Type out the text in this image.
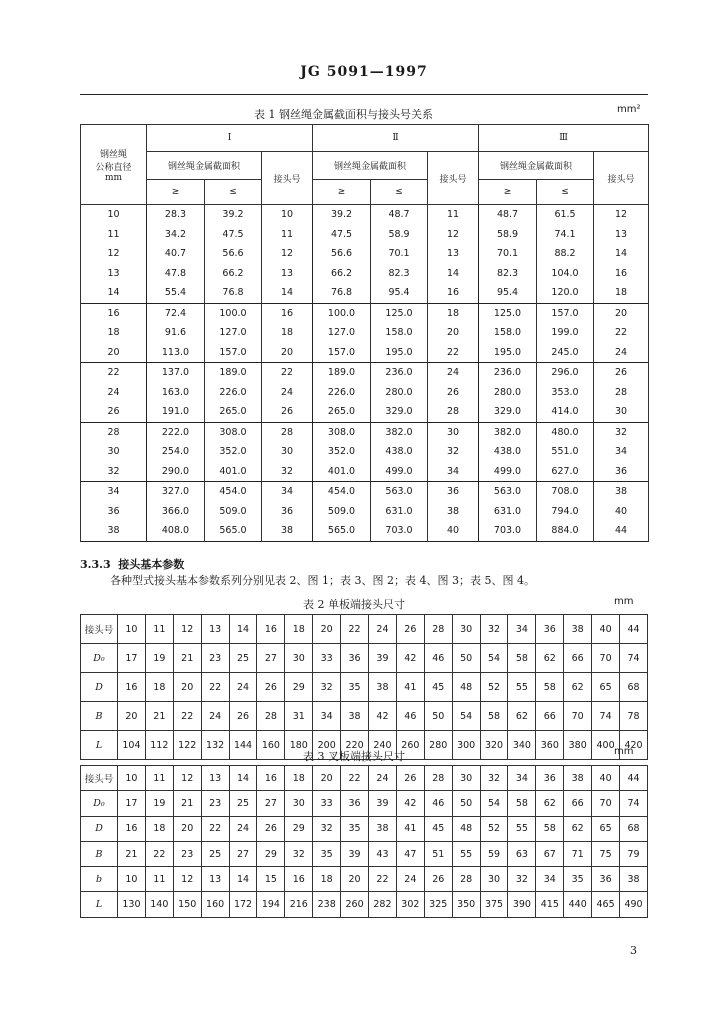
JG 5091—1997
表 1 钢丝绳金属截面积与接头号关系	mm²
钢丝绳
公称直径
mm	Ⅰ			Ⅱ			Ⅲ		
	钢丝绳金属截面积		接头号	钢丝绳金属截面积		接头号	钢丝绳金属截面积		接头号
	≥	≤		≥	≤		≥	≤	
10	28.3	39.2	10	39.2	48.7	11	48.7	61.5	12
11	34.2	47.5	11	47.5	58.9	12	58.9	74.1	13
12	40.7	56.6	12	56.6	70.1	13	70.1	88.2	14
13	47.8	66.2	13	66.2	82.3	14	82.3	104.0	16
14	55.4	76.8	14	76.8	95.4	16	95.4	120.0	18
16	72.4	100.0	16	100.0	125.0	18	125.0	157.0	20
18	91.6	127.0	18	127.0	158.0	20	158.0	199.0	22
20	113.0	157.0	20	157.0	195.0	22	195.0	245.0	24
22	137.0	189.0	22	189.0	236.0	24	236.0	296.0	26
24	163.0	226.0	24	226.0	280.0	26	280.0	353.0	28
26	191.0	265.0	26	265.0	329.0	28	329.0	414.0	30
28	222.0	308.0	28	308.0	382.0	30	382.0	480.0	32
30	254.0	352.0	30	352.0	438.0	32	438.0	551.0	34
32	290.0	401.0	32	401.0	499.0	34	499.0	627.0	36
34	327.0	454.0	34	454.0	563.0	36	563.0	708.0	38
36	366.0	509.0	36	509.0	631.0	38	631.0	794.0	40
38	408.0	565.0	38	565.0	703.0	40	703.0	884.0	44
3.3.3 接头基本参数
各种型式接头基本参数系列分别见表 2、图 1；表 3、图 2；表 4、图 3；表 5、图 4。
表 2 单板端接头尺寸	mm
接头号	10	11	12	13	14	16	18	20	22	24	26	28	30	32	34	36	38	40	44
D₀	17	19	21	23	25	27	30	33	36	39	42	46	50	54	58	62	66	70	74
D	16	18	20	22	24	26	29	32	35	38	41	45	48	52	55	58	62	65	68
B	20	21	22	24	26	28	31	34	38	42	46	50	54	58	62	66	70	74	78
L	104	112	122	132	144	160	180	200	220	240	260	280	300	320	340	360	380	400	420
表 3 叉板端接头尺寸	mm
接头号	10	11	12	13	14	16	18	20	22	24	26	28	30	32	34	36	38	40	44
D₀	17	19	21	23	25	27	30	33	36	39	42	46	50	54	58	62	66	70	74
D	16	18	20	22	24	26	29	32	35	38	41	45	48	52	55	58	62	65	68
B	21	22	23	25	27	29	32	35	39	43	47	51	55	59	63	67	71	75	79
b	10	11	12	13	14	15	16	18	20	22	24	26	28	30	32	34	35	36	38
L	130	140	150	160	172	194	216	238	260	282	302	325	350	375	390	415	440	465	490
3
